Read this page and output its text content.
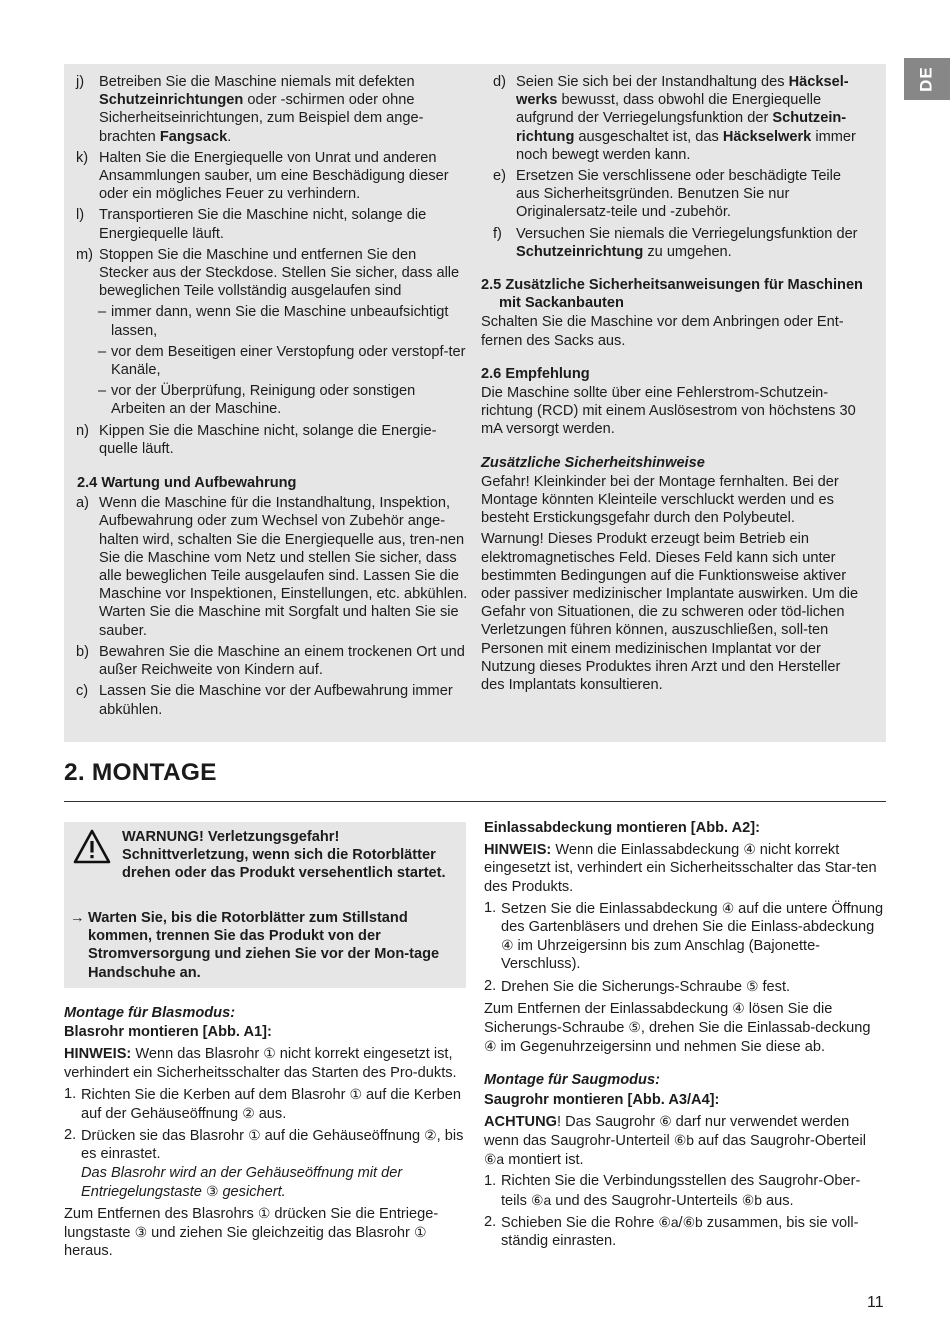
DE
j) Betreiben Sie die Maschine niemals mit defekten Schutzeinrichtungen oder -schirmen oder ohne Sicherheitseinrichtungen, zum Beispiel dem ange-brachten Fangsack.
k) Halten Sie die Energiequelle von Unrat und anderen Ansammlungen sauber, um eine Beschädigung dieser oder ein mögliches Feuer zu verhindern.
l) Transportieren Sie die Maschine nicht, solange die Energiequelle läuft.
m) Stoppen Sie die Maschine und entfernen Sie den Stecker aus der Steckdose. Stellen Sie sicher, dass alle beweglichen Teile vollständig ausgelaufen sind
– immer dann, wenn Sie die Maschine unbeaufsichtigt lassen,
– vor dem Beseitigen einer Verstopfung oder verstopf-ter Kanäle,
– vor der Überprüfung, Reinigung oder sonstigen Arbeiten an der Maschine.
n) Kippen Sie die Maschine nicht, solange die Energie-quelle läuft.
2.4 Wartung und Aufbewahrung
a) Wenn die Maschine für die Instandhaltung, Inspektion, Aufbewahrung oder zum Wechsel von Zubehör ange-halten wird, schalten Sie die Energiequelle aus, tren-nen Sie die Maschine vom Netz und stellen Sie sicher, dass alle beweglichen Teile ausgelaufen sind. Lassen Sie die Maschine vor Inspektionen, Einstellungen, etc. abkühlen. Warten Sie die Maschine mit Sorgfalt und halten Sie sie sauber.
b) Bewahren Sie die Maschine an einem trockenen Ort und außer Reichweite von Kindern auf.
c) Lassen Sie die Maschine vor der Aufbewahrung immer abkühlen.
d) Seien Sie sich bei der Instandhaltung des Häcksel-werks bewusst, dass obwohl die Energiequelle aufgrund der Verriegelungsfunktion der Schutzein-richtung ausgeschaltet ist, das Häckselwerk immer noch bewegt werden kann.
e) Ersetzen Sie verschlissene oder beschädigte Teile aus Sicherheitsgründen. Benutzen Sie nur Originalersatz-teile und -zubehör.
f) Versuchen Sie niemals die Verriegelungsfunktion der Schutzeinrichtung zu umgehen.
2.5 Zusätzliche Sicherheitsanweisungen für Maschinen mit Sackanbauten
Schalten Sie die Maschine vor dem Anbringen oder Ent-fernen des Sacks aus.
2.6 Empfehlung
Die Maschine sollte über eine Fehlerstrom-Schutzein-richtung (RCD) mit einem Auslösestrom von höchstens 30 mA versorgt werden.
Zusätzliche Sicherheitshinweise
Gefahr! Kleinkinder bei der Montage fernhalten. Bei der Montage könnten Kleinteile verschluckt werden und es besteht Erstickungsgefahr durch den Polybeutel.
Warnung! Dieses Produkt erzeugt beim Betrieb ein elektromagnetisches Feld. Dieses Feld kann sich unter bestimmten Bedingungen auf die Funktionsweise aktiver oder passiver medizinischer Implantate auswirken. Um die Gefahr von Situationen, die zu schweren oder töd-lichen Verletzungen führen können, auszuschließen, soll-ten Personen mit einem medizinischen Implantat vor der Nutzung dieses Produktes ihren Arzt und den Hersteller des Implantats konsultieren.
2. MONTAGE
WARNUNG! Verletzungsgefahr!
Schnittverletzung, wenn sich die Rotorblätter drehen oder das Produkt versehentlich startet.
→ Warten Sie, bis die Rotorblätter zum Stillstand kommen, trennen Sie das Produkt von der Stromversorgung und ziehen Sie vor der Mon-tage Handschuhe an.
Montage für Blasmodus:
Blasrohr montieren [Abb. A1]:
HINWEIS: Wenn das Blasrohr ① nicht korrekt eingesetzt ist, verhindert ein Sicherheitsschalter das Starten des Pro-dukts.
1. Richten Sie die Kerben auf dem Blasrohr ① auf die Kerben auf der Gehäuseöffnung ② aus.
2. Drücken sie das Blasrohr ① auf die Gehäuseöffnung ②, bis es einrastet.
Das Blasrohr wird an der Gehäuseöffnung mit der Entriegelungstaste ③ gesichert.
Zum Entfernen des Blasrohrs ① drücken Sie die Entriege-lungstaste ③ und ziehen Sie gleichzeitig das Blasrohr ① heraus.
Einlassabdeckung montieren [Abb. A2]:
HINWEIS: Wenn die Einlassabdeckung ④ nicht korrekt eingesetzt ist, verhindert ein Sicherheitsschalter das Star-ten des Produkts.
1. Setzen Sie die Einlassabdeckung ④ auf die untere Öffnung des Gartenbläsers und drehen Sie die Einlass-abdeckung ④ im Uhrzeigersinn bis zum Anschlag (Bajonette-Verschluss).
2. Drehen Sie die Sicherungs-Schraube ⑤ fest.
Zum Entfernen der Einlassabdeckung ④ lösen Sie die Sicherungs-Schraube ⑤, drehen Sie die Einlassab-deckung ④ im Gegenuhrzeigersinn und nehmen Sie diese ab.
Montage für Saugmodus:
Saugrohr montieren [Abb. A3/A4]:
ACHTUNG! Das Saugrohr ⑥ darf nur verwendet werden wenn das Saugrohr-Unterteil ⑥b auf das Saugrohr-Oberteil ⑥a montiert ist.
1. Richten Sie die Verbindungsstellen des Saugrohr-Ober-teils ⑥a und des Saugrohr-Unterteils ⑥b aus.
2. Schieben Sie die Rohre ⑥a/⑥b zusammen, bis sie voll-ständig einrasten.
11
